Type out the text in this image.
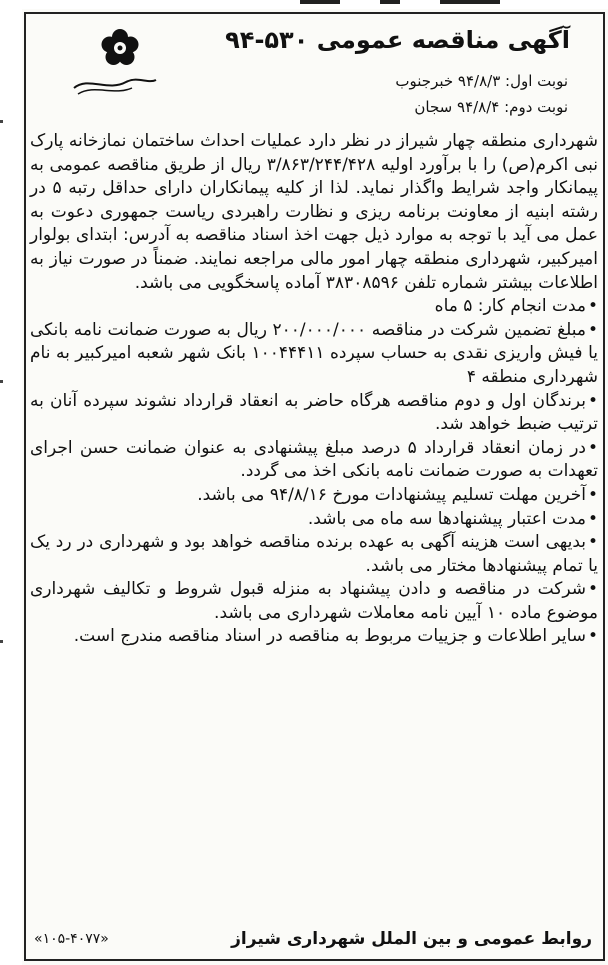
آگهی مناقصه عمومی ۵۳۰-۹۴
نوبت اول: ۹۴/۸/۳ خبرجنوب
نوبت دوم: ۹۴/۸/۴ سجان

شهرداری منطقه چهار شیراز در نظر دارد عملیات احداث ساختمان نمازخانه پارک نبی اکرم(ص) را با برآورد اولیه ۳/۸۶۳/۲۴۴/۴۲۸ ریال از طریق مناقصه عمومی به پیمانکار واجد شرایط واگذار نماید. لذا از کلیه پیمانکاران دارای حداقل رتبه ۵ در رشته ابنیه از معاونت برنامه ریزی و نظارت راهبردی ریاست جمهوری دعوت به عمل می آید با توجه به موارد ذیل جهت اخذ اسناد مناقصه به آدرس: ابتدای بولوار امیرکبیر، شهرداری منطقه چهار امور مالی مراجعه نمایند. ضمناً در صورت نیاز به اطلاعات بیشتر شماره تلفن ۳۸۳۰۸۵۹۶ آماده پاسخگویی می باشد.

•مدت انجام کار: ۵ ماه
•مبلغ تضمین شرکت در مناقصه ۲۰۰/۰۰۰/۰۰۰ ریال به صورت ضمانت نامه بانکی یا فیش واریزی نقدی به حساب سپرده ۱۰۰۴۴۴۱۱ بانک شهر شعبه امیرکبیر به نام شهرداری منطقه ۴
•برندگان اول و دوم مناقصه هرگاه حاضر به انعقاد قرارداد نشوند سپرده آنان به ترتیب ضبط خواهد شد.
•در زمان انعقاد قرارداد ۵ درصد مبلغ پیشنهادی به عنوان ضمانت حسن اجرای تعهدات به صورت ضمانت نامه بانکی اخذ می گردد.
•آخرین مهلت تسلیم پیشنهادات مورخ ۹۴/۸/۱۶ می باشد.
•مدت اعتبار پیشنهادها سه ماه می باشد.
•بدیهی است هزینه آگهی به عهده برنده مناقصه خواهد بود و شهرداری در رد یک یا تمام پیشنهادها مختار می باشد.
•شرکت در مناقصه و دادن پیشنهاد به منزله قبول شروط و تکالیف شهرداری موضوع ماده ۱۰ آیین نامه معاملات شهرداری می باشد.
•سایر اطلاعات و جزییات مربوط به مناقصه در اسناد مناقصه مندرج است.
روابط عمومی و بین الملل شهرداری شیراز
«۱۰۵-۴۰۷۷»
